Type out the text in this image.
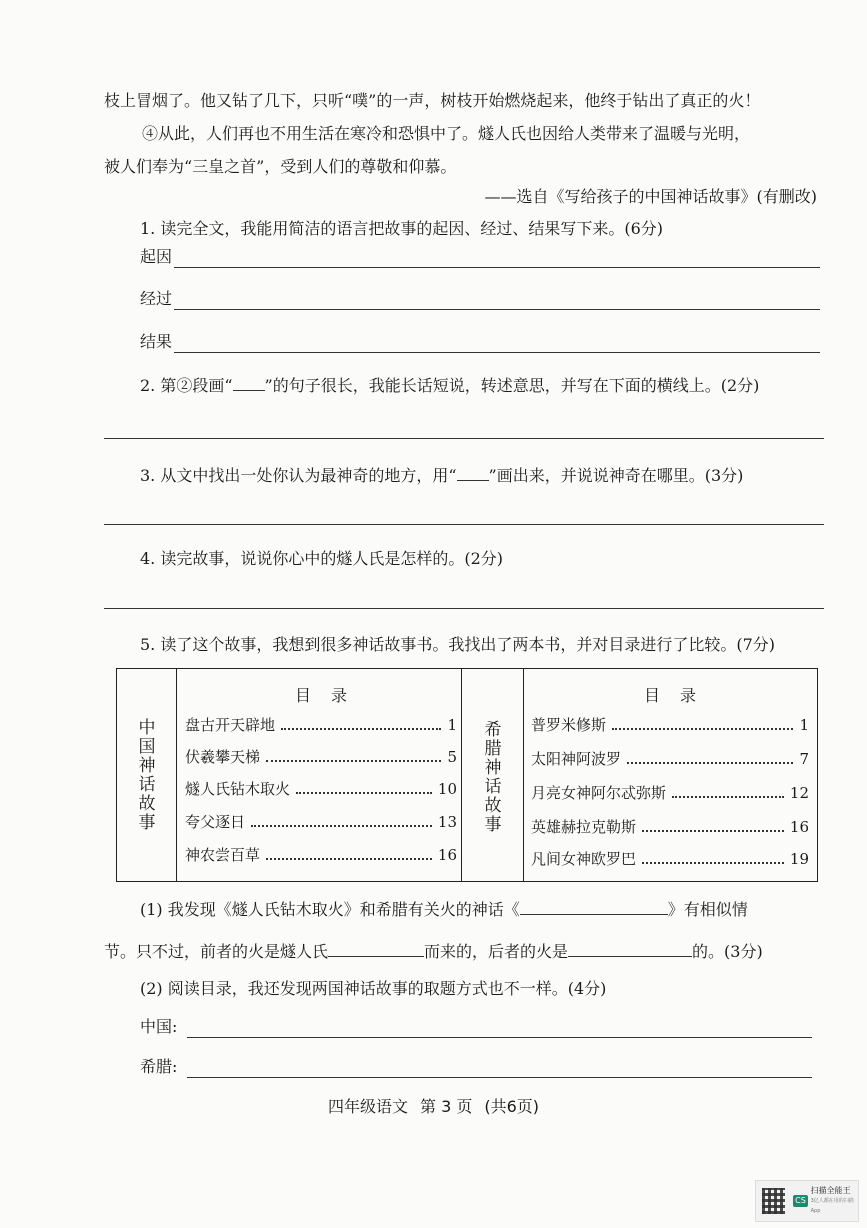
枝上冒烟了。他又钻了几下，只听“噗”的一声，树枝开始燃烧起来，他终于钻出了真正的火！
④从此，人们再也不用生活在寒冷和恐惧中了。燧人氏也因给人类带来了温暖与光明，
被人们奉为“三皇之首”，受到人们的尊敬和仰慕。
——选自《写给孩子的中国神话故事》(有删改)
1. 读完全文，我能用简洁的语言把故事的起因、经过、结果写下来。(6分)
起因
经过
结果
2. 第②段画“ ”的句子很长，我能长话短说，转述意思，并写在下面的横线上。(2分)
3. 从文中找出一处你认为最神奇的地方，用“ ”画出来，并说说神奇在哪里。(3分)
4. 读完故事，说说你心中的燧人氏是怎样的。(2分)
5. 读了这个故事，我想到很多神话故事书。我找出了两本书，并对目录进行了比较。(7分)
中
国
神
话
故
事
希
腊
神
话
故
事
目录	目录
盘古开天辟地	1
伏羲攀天梯	5
燧人氏钻木取火	10
夸父逐日	13
神农尝百草	16
普罗米修斯	1
太阳神阿波罗	7
月亮女神阿尔忒弥斯	12
英雄赫拉克勒斯	16
凡间女神欧罗巴	19
(1) 我发现《燧人氏钻木取火》和希腊有关火的神话《	》有相似情
节。只不过，前者的火是燧人氏	而来的，后者的火是	的。(3分)
(2) 阅读目录，我还发现两国神话故事的取题方式也不一样。(4分)
中国:
希腊:
四年级语文 第 3 页 (共6页)
CS
扫描全能王
3亿人都在用的扫描App
